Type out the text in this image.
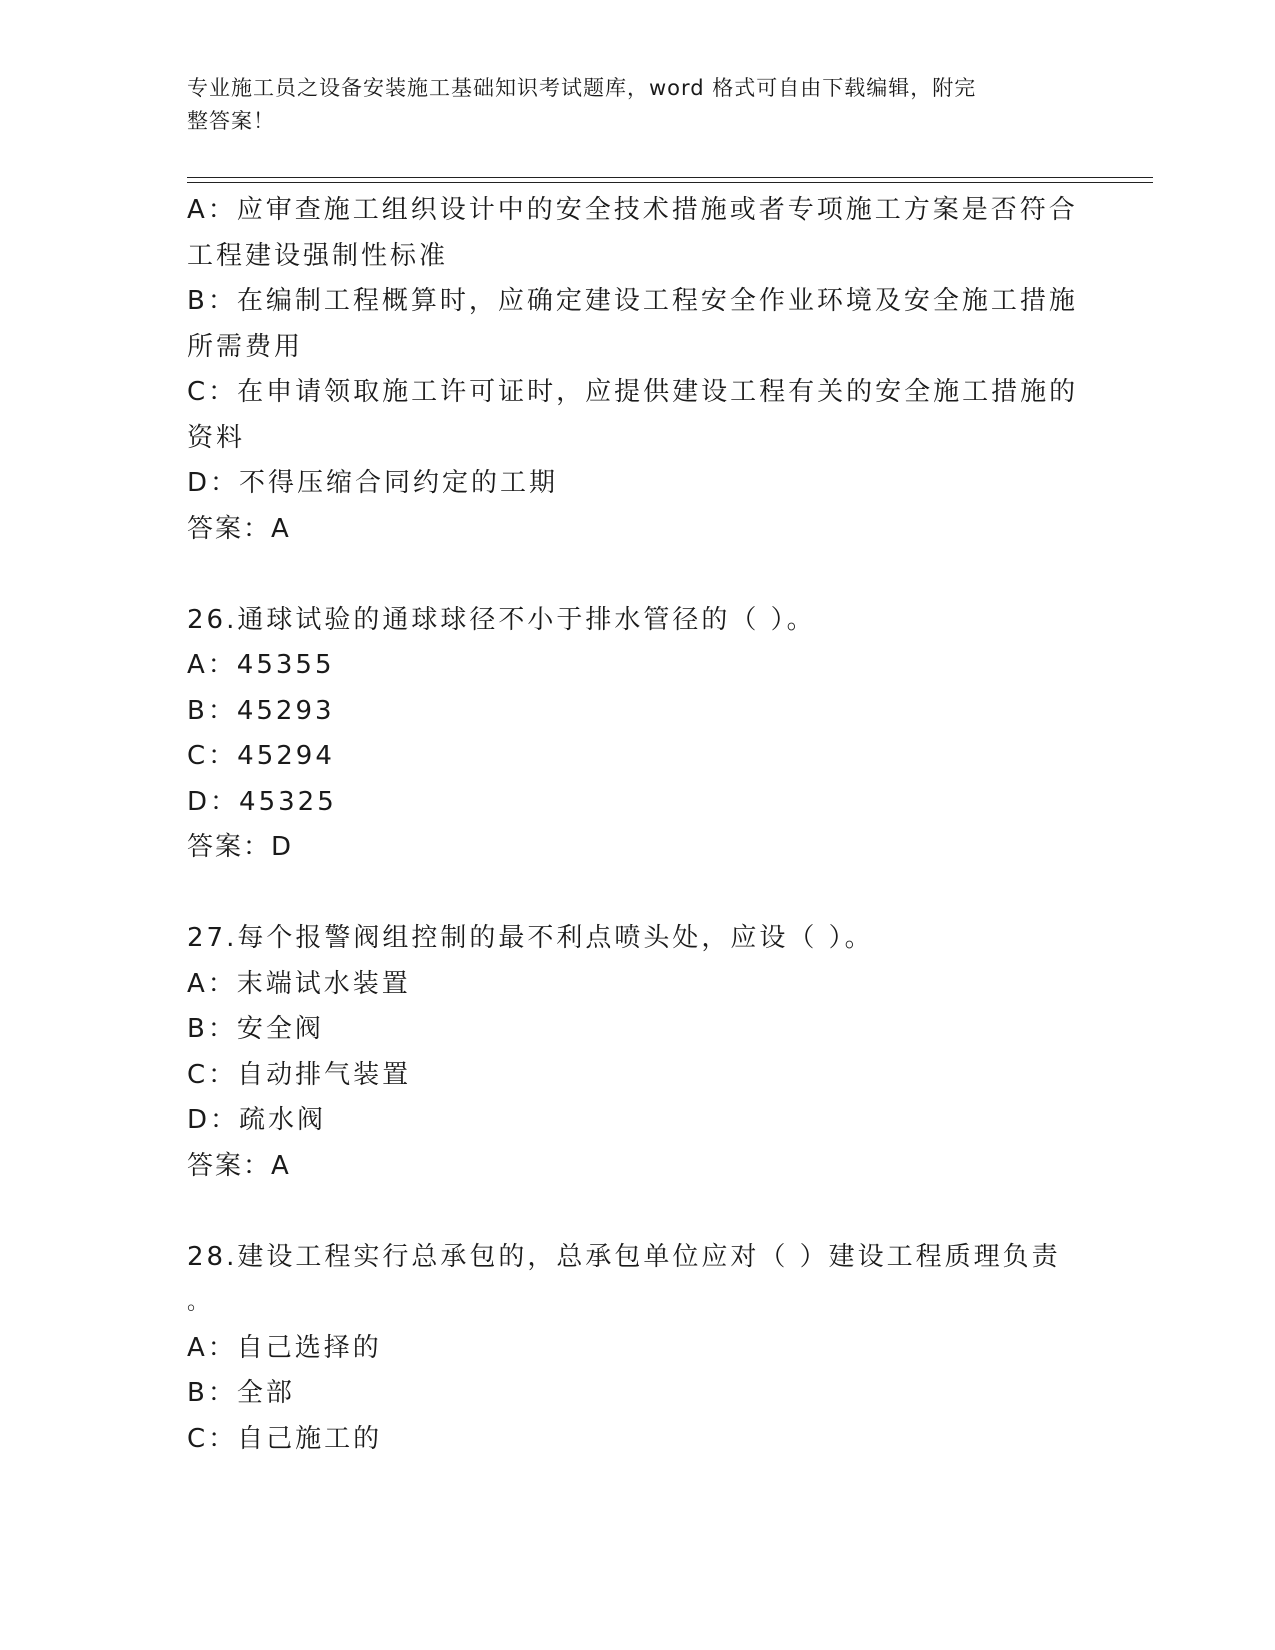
专业施工员之设备安装施工基础知识考试题库，word 格式可自由下载编辑，附完
整答案！
A：应审查施工组织设计中的安全技术措施或者专项施工方案是否符合
工程建设强制性标准
B：在编制工程概算时，应确定建设工程安全作业环境及安全施工措施
所需费用
C：在申请领取施工许可证时，应提供建设工程有关的安全施工措施的
资料
D：不得压缩合同约定的工期
答案：A
26.通球试验的通球球径不小于排水管径的（ ）。
A：45355
B：45293
C：45294
D：45325
答案：D
27.每个报警阀组控制的最不利点喷头处，应设（ ）。
A：末端试水装置
B：安全阀
C：自动排气装置
D：疏水阀
答案：A
28.建设工程实行总承包的，总承包单位应对（ ）建设工程质理负责
。
A：自己选择的
B：全部
C：自己施工的
